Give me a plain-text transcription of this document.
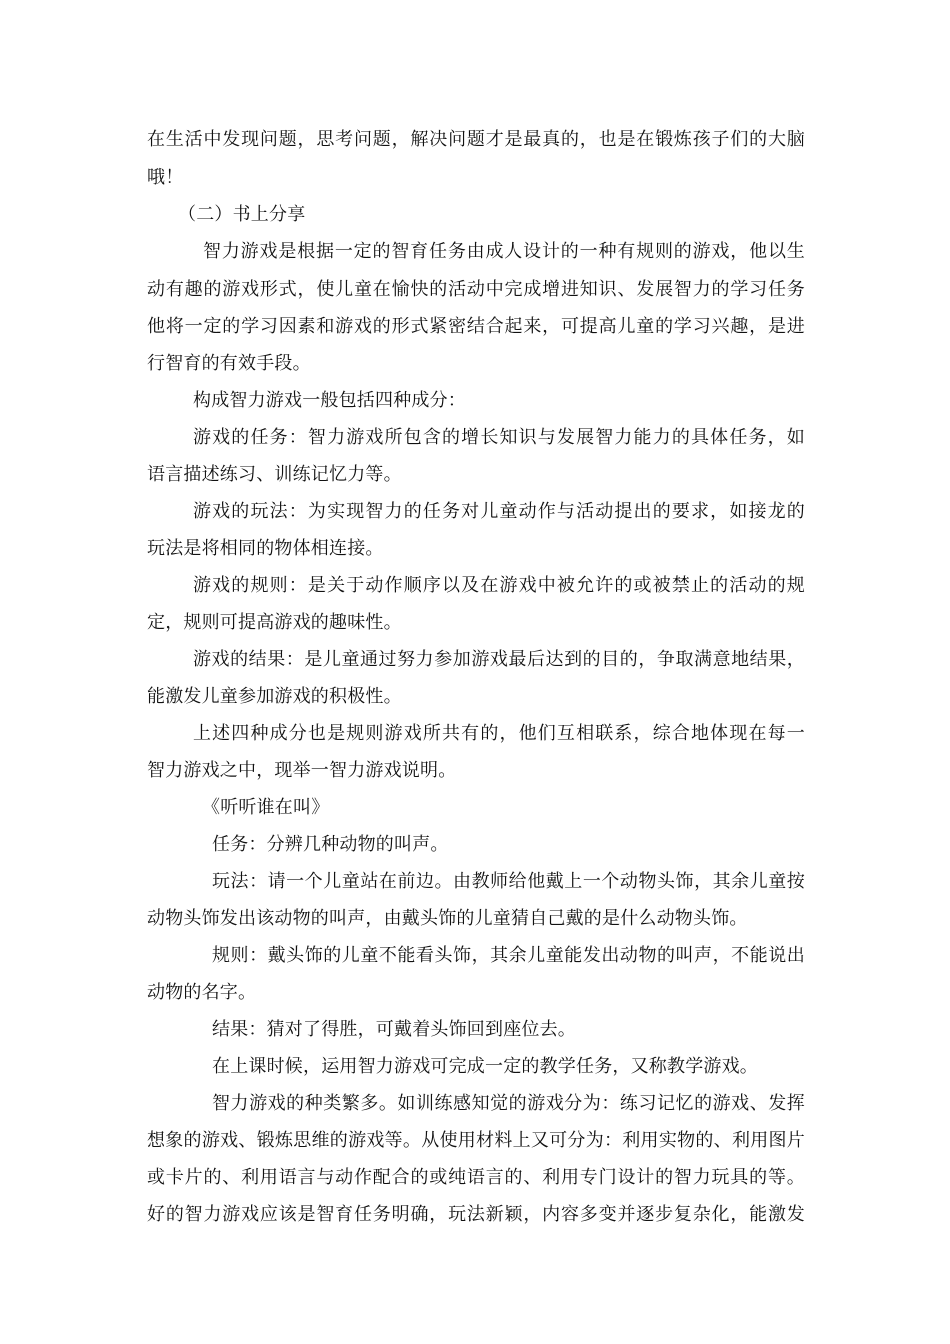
在生活中发现问题，思考问题，解决问题才是最真的，也是在锻炼孩子们的大脑
哦！
（二）书上分享
智力游戏是根据一定的智育任务由成人设计的一种有规则的游戏，他以生
动有趣的游戏形式，使儿童在愉快的活动中完成增进知识、发展智力的学习任务
他将一定的学习因素和游戏的形式紧密结合起来，可提高儿童的学习兴趣，是进
行智育的有效手段。
构成智力游戏一般包括四种成分：
游戏的任务：智力游戏所包含的增长知识与发展智力能力的具体任务，如
语言描述练习、训练记忆力等。
游戏的玩法：为实现智力的任务对儿童动作与活动提出的要求，如接龙的
玩法是将相同的物体相连接。
游戏的规则：是关于动作顺序以及在游戏中被允许的或被禁止的活动的规
定，规则可提高游戏的趣味性。
游戏的结果：是儿童通过努力参加游戏最后达到的目的，争取满意地结果，
能激发儿童参加游戏的积极性。
上述四种成分也是规则游戏所共有的，他们互相联系，综合地体现在每一
智力游戏之中，现举一智力游戏说明。
《听听谁在叫》
任务：分辨几种动物的叫声。
玩法：请一个儿童站在前边。由教师给他戴上一个动物头饰，其余儿童按
动物头饰发出该动物的叫声，由戴头饰的儿童猜自己戴的是什么动物头饰。
规则：戴头饰的儿童不能看头饰，其余儿童能发出动物的叫声，不能说出
动物的名字。
结果：猜对了得胜，可戴着头饰回到座位去。
在上课时候，运用智力游戏可完成一定的教学任务，又称教学游戏。
智力游戏的种类繁多。如训练感知觉的游戏分为：练习记忆的游戏、发挥
想象的游戏、锻炼思维的游戏等。从使用材料上又可分为：利用实物的、利用图片
或卡片的、利用语言与动作配合的或纯语言的、利用专门设计的智力玩具的等。
好的智力游戏应该是智育任务明确，玩法新颖，内容多变并逐步复杂化，能激发
